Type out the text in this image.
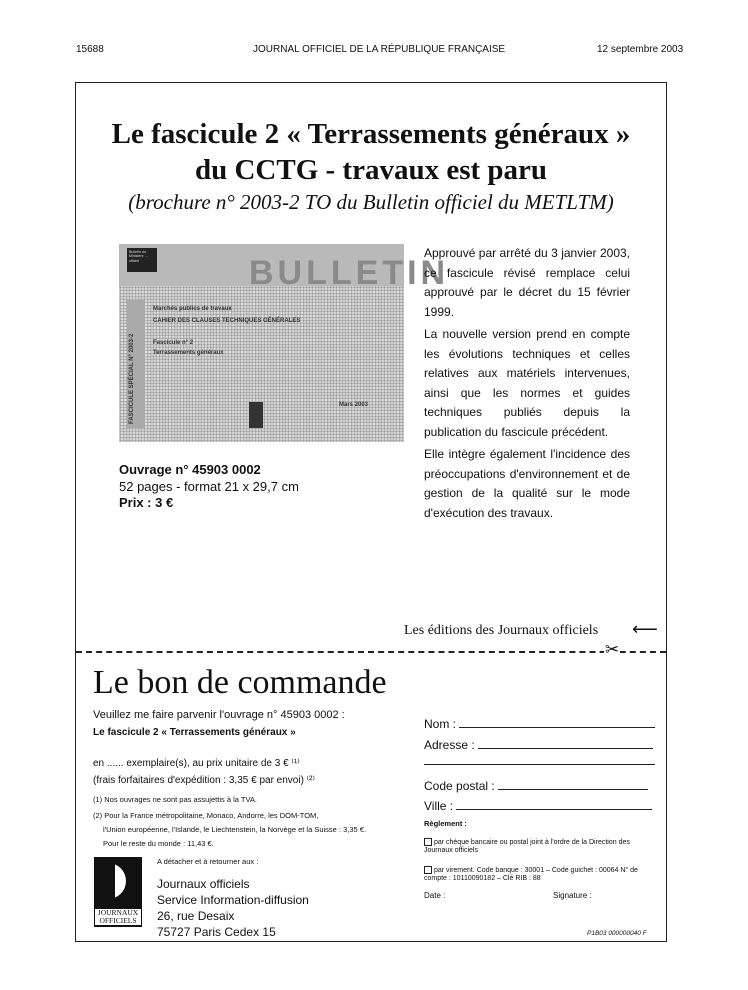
15688	JOURNAL OFFICIEL DE LA RÉPUBLIQUE FRANÇAISE	12 septembre 2003
Le fascicule 2 « Terrassements généraux »
du CCTG - travaux est paru
(brochure n° 2003-2 TO du Bulletin officiel du METLTM)
Bulletin du Ministère ... officiel	BULLETIN
FASCICULE SPÉCIAL N° 2003-2
Marchés publics de travaux
CAHIER DES CLAUSES TECHNIQUES GÉNÉRALES
Fascicule n° 2
Terrassements généraux
Mars 2003
Ouvrage n° 45903 0002
52 pages - format 21 x 29,7 cm
Prix : 3 €

Approuvé par arrêté du 3 janvier 2003, ce fascicule révisé remplace celui approuvé par le décret du 15 février 1999.

La nouvelle version prend en compte les évolutions techniques et celles relatives aux matériels intervenues, ainsi que les normes et guides techniques publiés depuis la publication du fascicule précédent.

Elle intègre également l'incidence des préoccupations d'environnement et de gestion de la qualité sur le mode d'exécution des travaux.

Les éditions des Journaux officiels ⟵
✂
Le bon de commande
Veuillez me faire parvenir l'ouvrage n° 45903 0002 :
Le fascicule 2 « Terrassements généraux »
en ...... exemplaire(s), au prix unitaire de 3 € ⁽¹⁾
(frais forfaitaires d'expédition : 3,35 € par envoi) ⁽²⁾
(1) Nos ouvrages ne sont pas assujettis à la TVA.
(2) Pour la France métropolitaine, Monaco, Andorre, les DOM-TOM,
l'Union européenne, l'Islande, le Liechtenstein, la Norvège et la Suisse : 3,35 €.
Pour le reste du monde : 11,43 €.
A détacher et à retourner aux :
JOURNAUX
OFFICIELS
Journaux officiels
Service Information-diffusion
26, rue Desaix
75727 Paris Cedex 15
Nom :
Adresse :
Code postal :
Ville :
Règlement :
par chèque bancaire ou postal joint à l'ordre de la Direction des Journaux officiels
par virement. Code banque : 30001 – Code guichet : 00064 N° de compte : 10110090182 – Clé RIB : 88
Date :	Signature :
P1B03 000000040 F
